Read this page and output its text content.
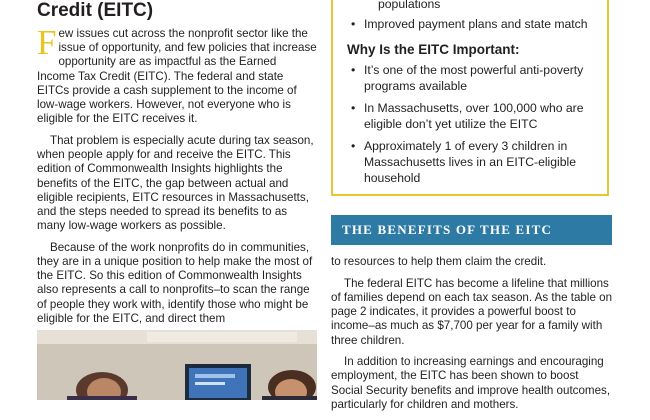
Credit (EITC)

Few issues cut across the nonprofit sector like the issue of opportunity, and few policies that increase opportunity are as impactful as the Earned Income Tax Credit (EITC). The federal and state EITCs provide a cash supplement to the income of low-wage workers. However, not everyone who is eligible for the EITC receives it.

That problem is especially acute during tax season, when people apply for and receive the EITC. This edition of Commonwealth Insights highlights the benefits of the EITC, the gap between actual and eligible recipients, EITC resources in Massachusetts, and the steps needed to spread its benefits to as many low-wage workers as possible.

Because of the work nonprofits do in communities, they are in a unique position to help make the most of the EITC. So this edition of Commonwealth Insights also represents a call to nonprofits–to scan the range of people they work with, identify those who might be eligible for the EITC, and direct them

populations
• Improved payment plans and state match
Why Is the EITC Important:
• It’s one of the most powerful anti-poverty programs available
• In Massachusetts, over 100,000 who are eligible don’t yet utilize the EITC
• Approximately 1 of every 3 children in Massachusetts lives in an EITC-eligible household
THE BENEFITS OF THE EITC

to resources to help them claim the credit.

The federal EITC has become a lifeline that millions of families depend on each tax season. As the table on page 2 indicates, it provides a powerful boost to income–as much as $7,700 per year for a family with three children.

In addition to increasing earnings and encouraging employment, the EITC has been shown to boost Social Security benefits and improve health outcomes, particularly for children and mothers.
